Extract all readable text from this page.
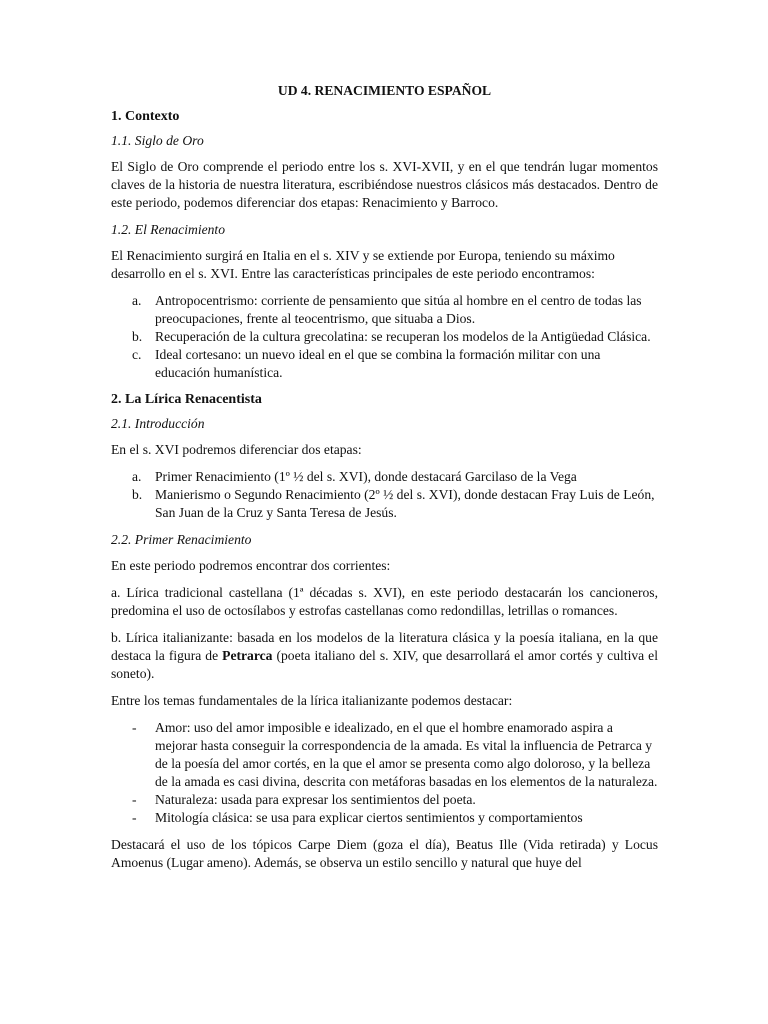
UD 4. RENACIMIENTO ESPAÑOL
1. Contexto
1.1. Siglo de Oro

El Siglo de Oro comprende el periodo entre los s. XVI-XVII, y en el que tendrán lugar momentos claves de la historia de nuestra literatura, escribiéndose nuestros clásicos más destacados. Dentro de este periodo, podemos diferenciar dos etapas: Renacimiento y Barroco.

1.2. El Renacimiento

El Renacimiento surgirá en Italia en el s. XIV y se extiende por Europa, teniendo su máximo desarrollo en el s. XVI. Entre las características principales de este periodo encontramos:

a. Antropocentrismo: corriente de pensamiento que sitúa al hombre en el centro de todas las preocupaciones, frente al teocentrismo, que situaba a Dios.
b. Recuperación de la cultura grecolatina: se recuperan los modelos de la Antigüedad Clásica.
c. Ideal cortesano: un nuevo ideal en el que se combina la formación militar con una educación humanística.
2. La Lírica Renacentista
2.1. Introducción

En el s. XVI podremos diferenciar dos etapas:

a. Primer Renacimiento (1º ½ del s. XVI), donde destacará Garcilaso de la Vega
b. Manierismo o Segundo Renacimiento (2º ½ del s. XVI), donde destacan Fray Luis de León, San Juan de la Cruz y Santa Teresa de Jesús.
2.2. Primer Renacimiento

En este periodo podremos encontrar dos corrientes:

a. Lírica tradicional castellana (1ª décadas s. XVI), en este periodo destacarán los cancioneros, predomina el uso de octosílabos y estrofas castellanas como redondillas, letrillas o romances.

b. Lírica italianizante: basada en los modelos de la literatura clásica y la poesía italiana, en la que destaca la figura de Petrarca (poeta italiano del s. XIV, que desarrollará el amor cortés y cultiva el soneto).

Entre los temas fundamentales de la lírica italianizante podemos destacar:

- Amor: uso del amor imposible e idealizado, en el que el hombre enamorado aspira a mejorar hasta conseguir la correspondencia de la amada. Es vital la influencia de Petrarca y de la poesía del amor cortés, en la que el amor se presenta como algo doloroso, y la belleza de la amada es casi divina, descrita con metáforas basadas en los elementos de la naturaleza.
- Naturaleza: usada para expresar los sentimientos del poeta.
- Mitología clásica: se usa para explicar ciertos sentimientos y comportamientos

Destacará el uso de los tópicos Carpe Diem (goza el día), Beatus Ille (Vida retirada) y Locus Amoenus (Lugar ameno). Además, se observa un estilo sencillo y natural que huye del
